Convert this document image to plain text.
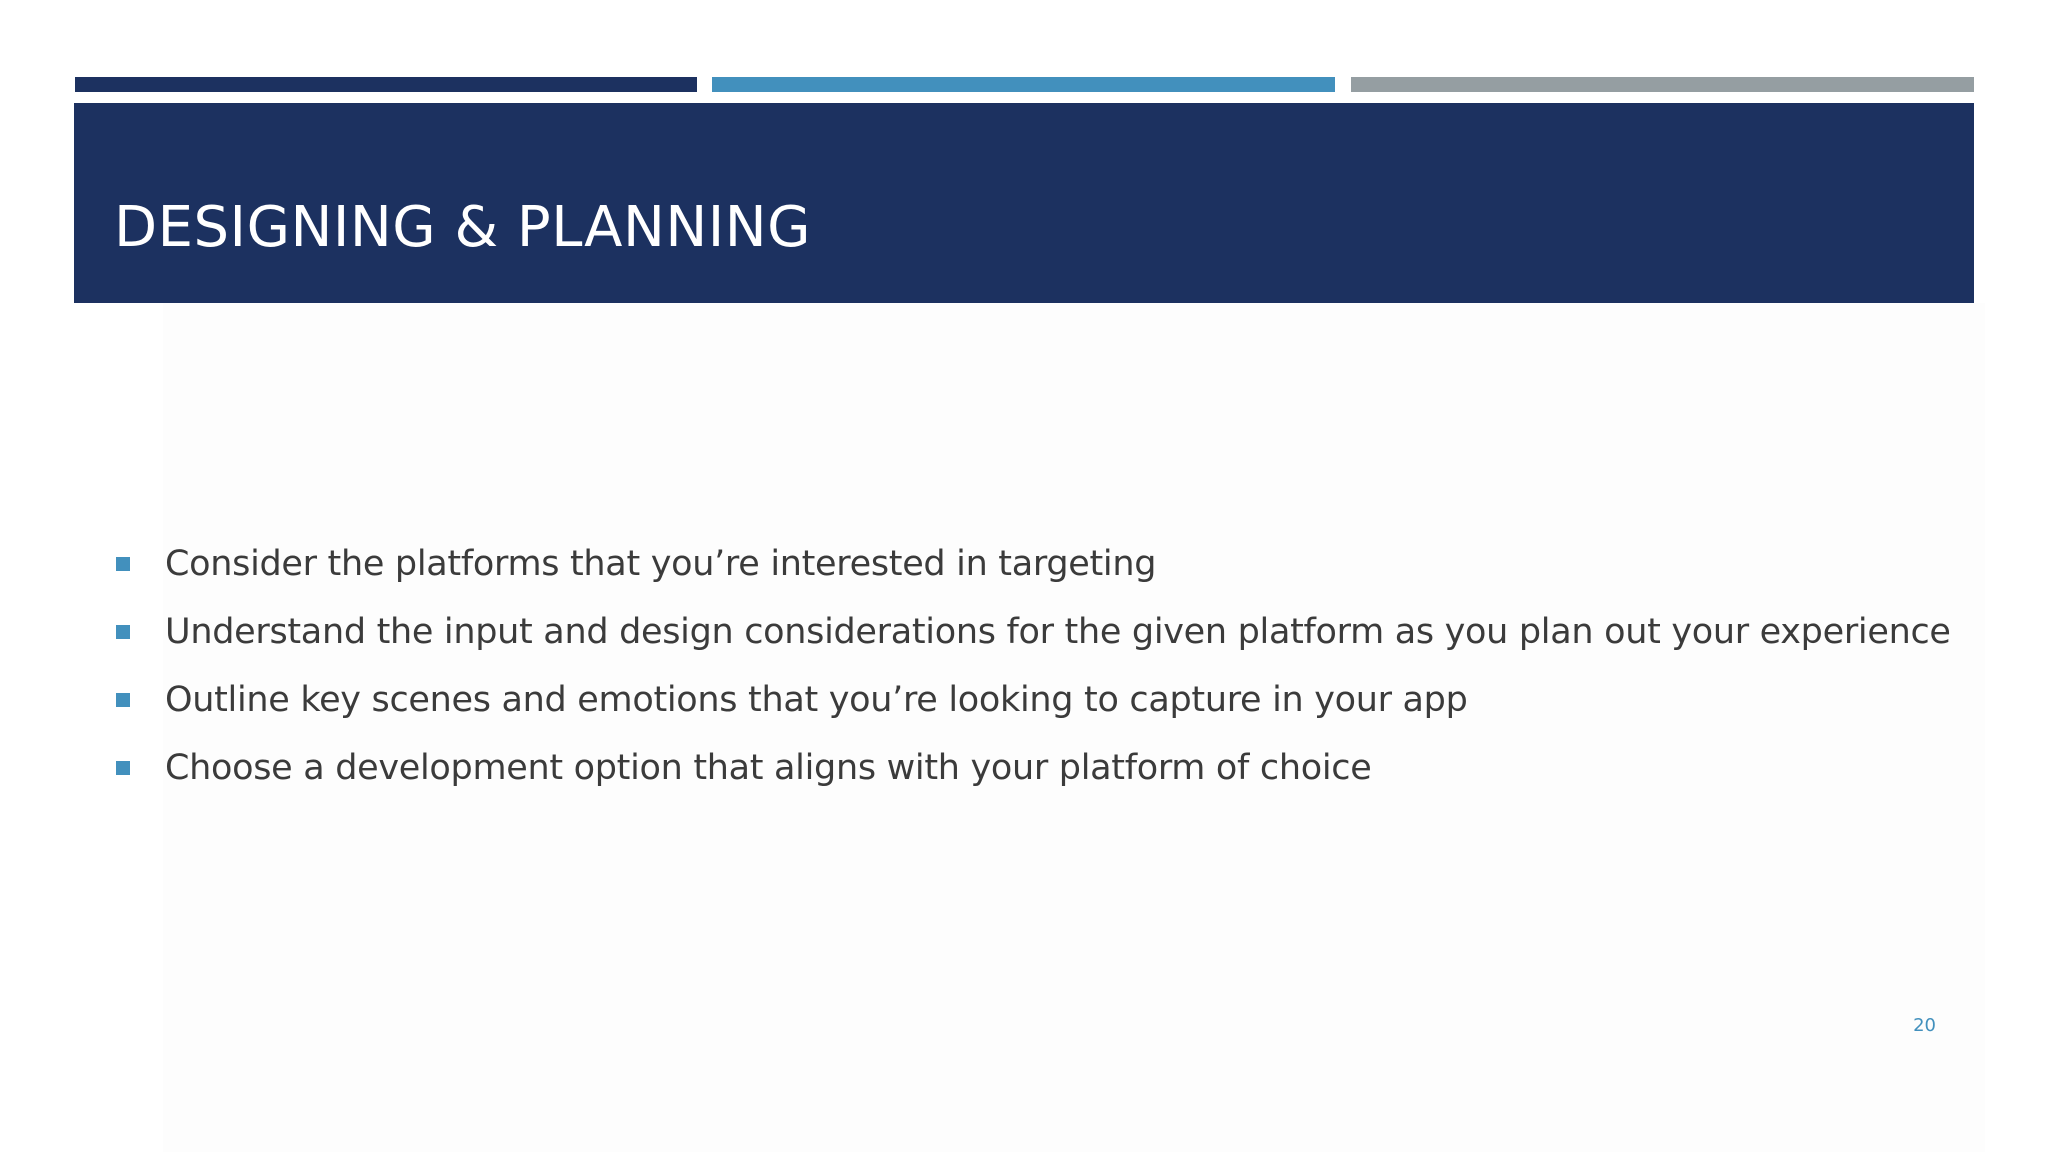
DESIGNING & PLANNING
Consider the platforms that you’re interested in targeting
Understand the input and design considerations for the given platform as you plan out your experience
Outline key scenes and emotions that you’re looking to capture in your app
Choose a development option that aligns with your platform of choice
20
